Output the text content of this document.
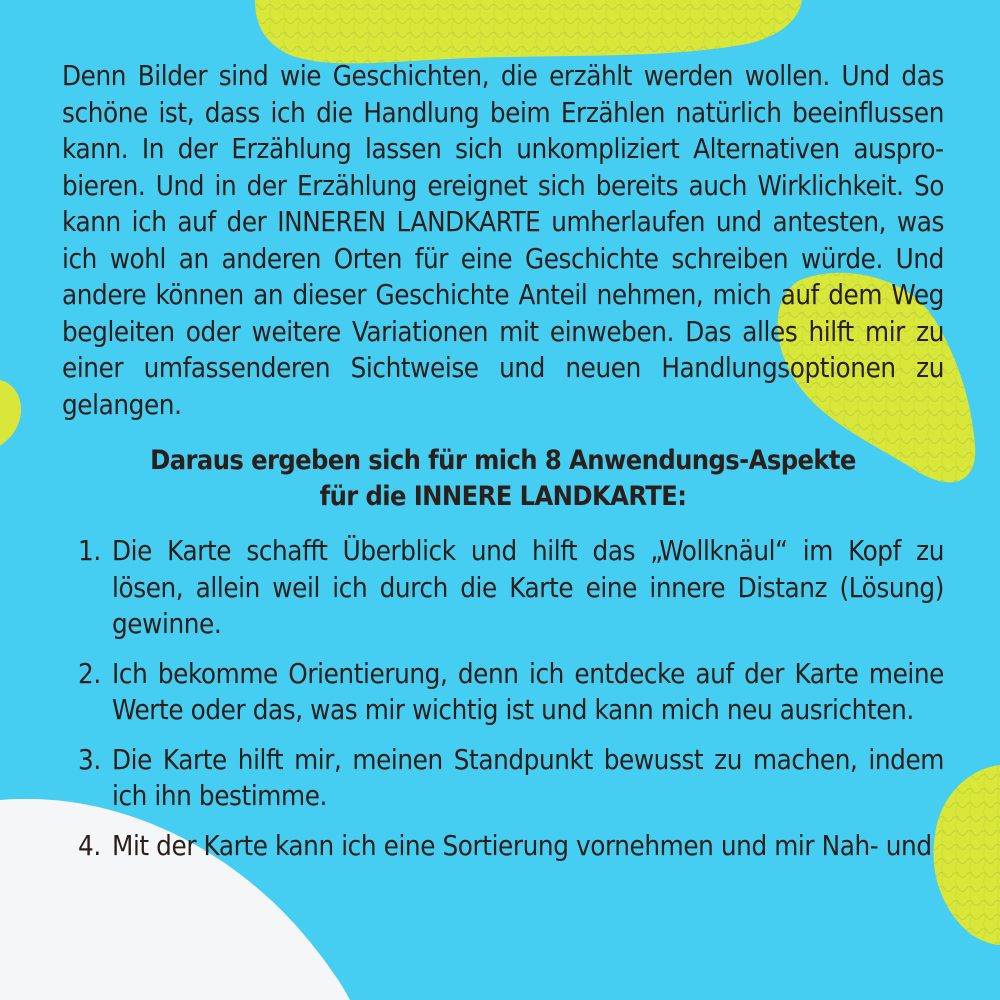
Denn Bilder sind wie Geschichten, die erzählt werden wollen. Und das schöne ist, dass ich die Handlung beim Erzählen natürlich beeinflussen kann. In der Erzählung lassen sich unkompliziert Alternativen ausprobieren. Und in der Erzählung ereignet sich bereits auch Wirklichkeit. So kann ich auf der INNEREN LANDKARTE umherlaufen und antesten, was ich wohl an anderen Orten für eine Geschichte schreiben würde. Und andere können an dieser Geschichte Anteil nehmen, mich auf dem Weg begleiten oder weitere Variationen mit einweben. Das alles hilft mir zu einer umfassenderen Sichtweise und neuen Handlungsoptionen zu gelangen.

Daraus ergeben sich für mich 8 Anwendungs-Aspekte
für die INNERE LANDKARTE:
1. Die Karte schafft Überblick und hilft das „Wollknäul“ im Kopf zu lösen, allein weil ich durch die Karte eine innere Distanz (Lösung) gewinne.
2. Ich bekomme Orientierung, denn ich entdecke auf der Karte meine Werte oder das, was mir wichtig ist und kann mich neu ausrichten.
3. Die Karte hilft mir, meinen Standpunkt bewusst zu machen, indem ich ihn bestimme.
4. Mit der Karte kann ich eine Sortierung vornehmen und mir Nah- und
